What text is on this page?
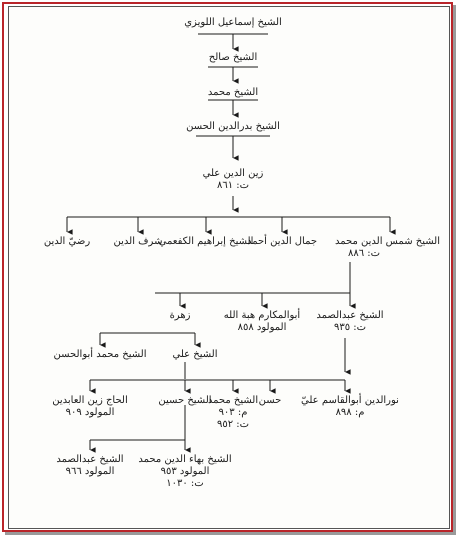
الشيخ إسماعيل اللويزي
الشيخ صالح
الشيخ محمد
الشيخ بدرالدين الحسن
زين الدين علي
ت: ٨٦١
الشيخ شمس الدين محمد
ت: ٨٨٦
جمال الدين أحمد
الشيخ إبراهيم الكفعمي
شرف الدين
رضيّ الدين
الشيخ عبدالصمد
ت: ٩٣٥
أبوالمكارم هبة الله
المولود ٨٥٨
زهرة
الشيخ علي
الشيخ محمد أبوالحسن
نورالدين أبوالقاسم عليّ
م: ٨٩٨
حسن
الشيخ محمد
م: ٩٠٣
ت: ٩٥٢
الشيخ حسين
الحاج زين العابدين
المولود ٩٠٩
الشيخ بهاء الدين محمد
المولود ٩٥٣
ت: ١٠٣٠
الشيخ عبدالصمد
المولود ٩٦٦
